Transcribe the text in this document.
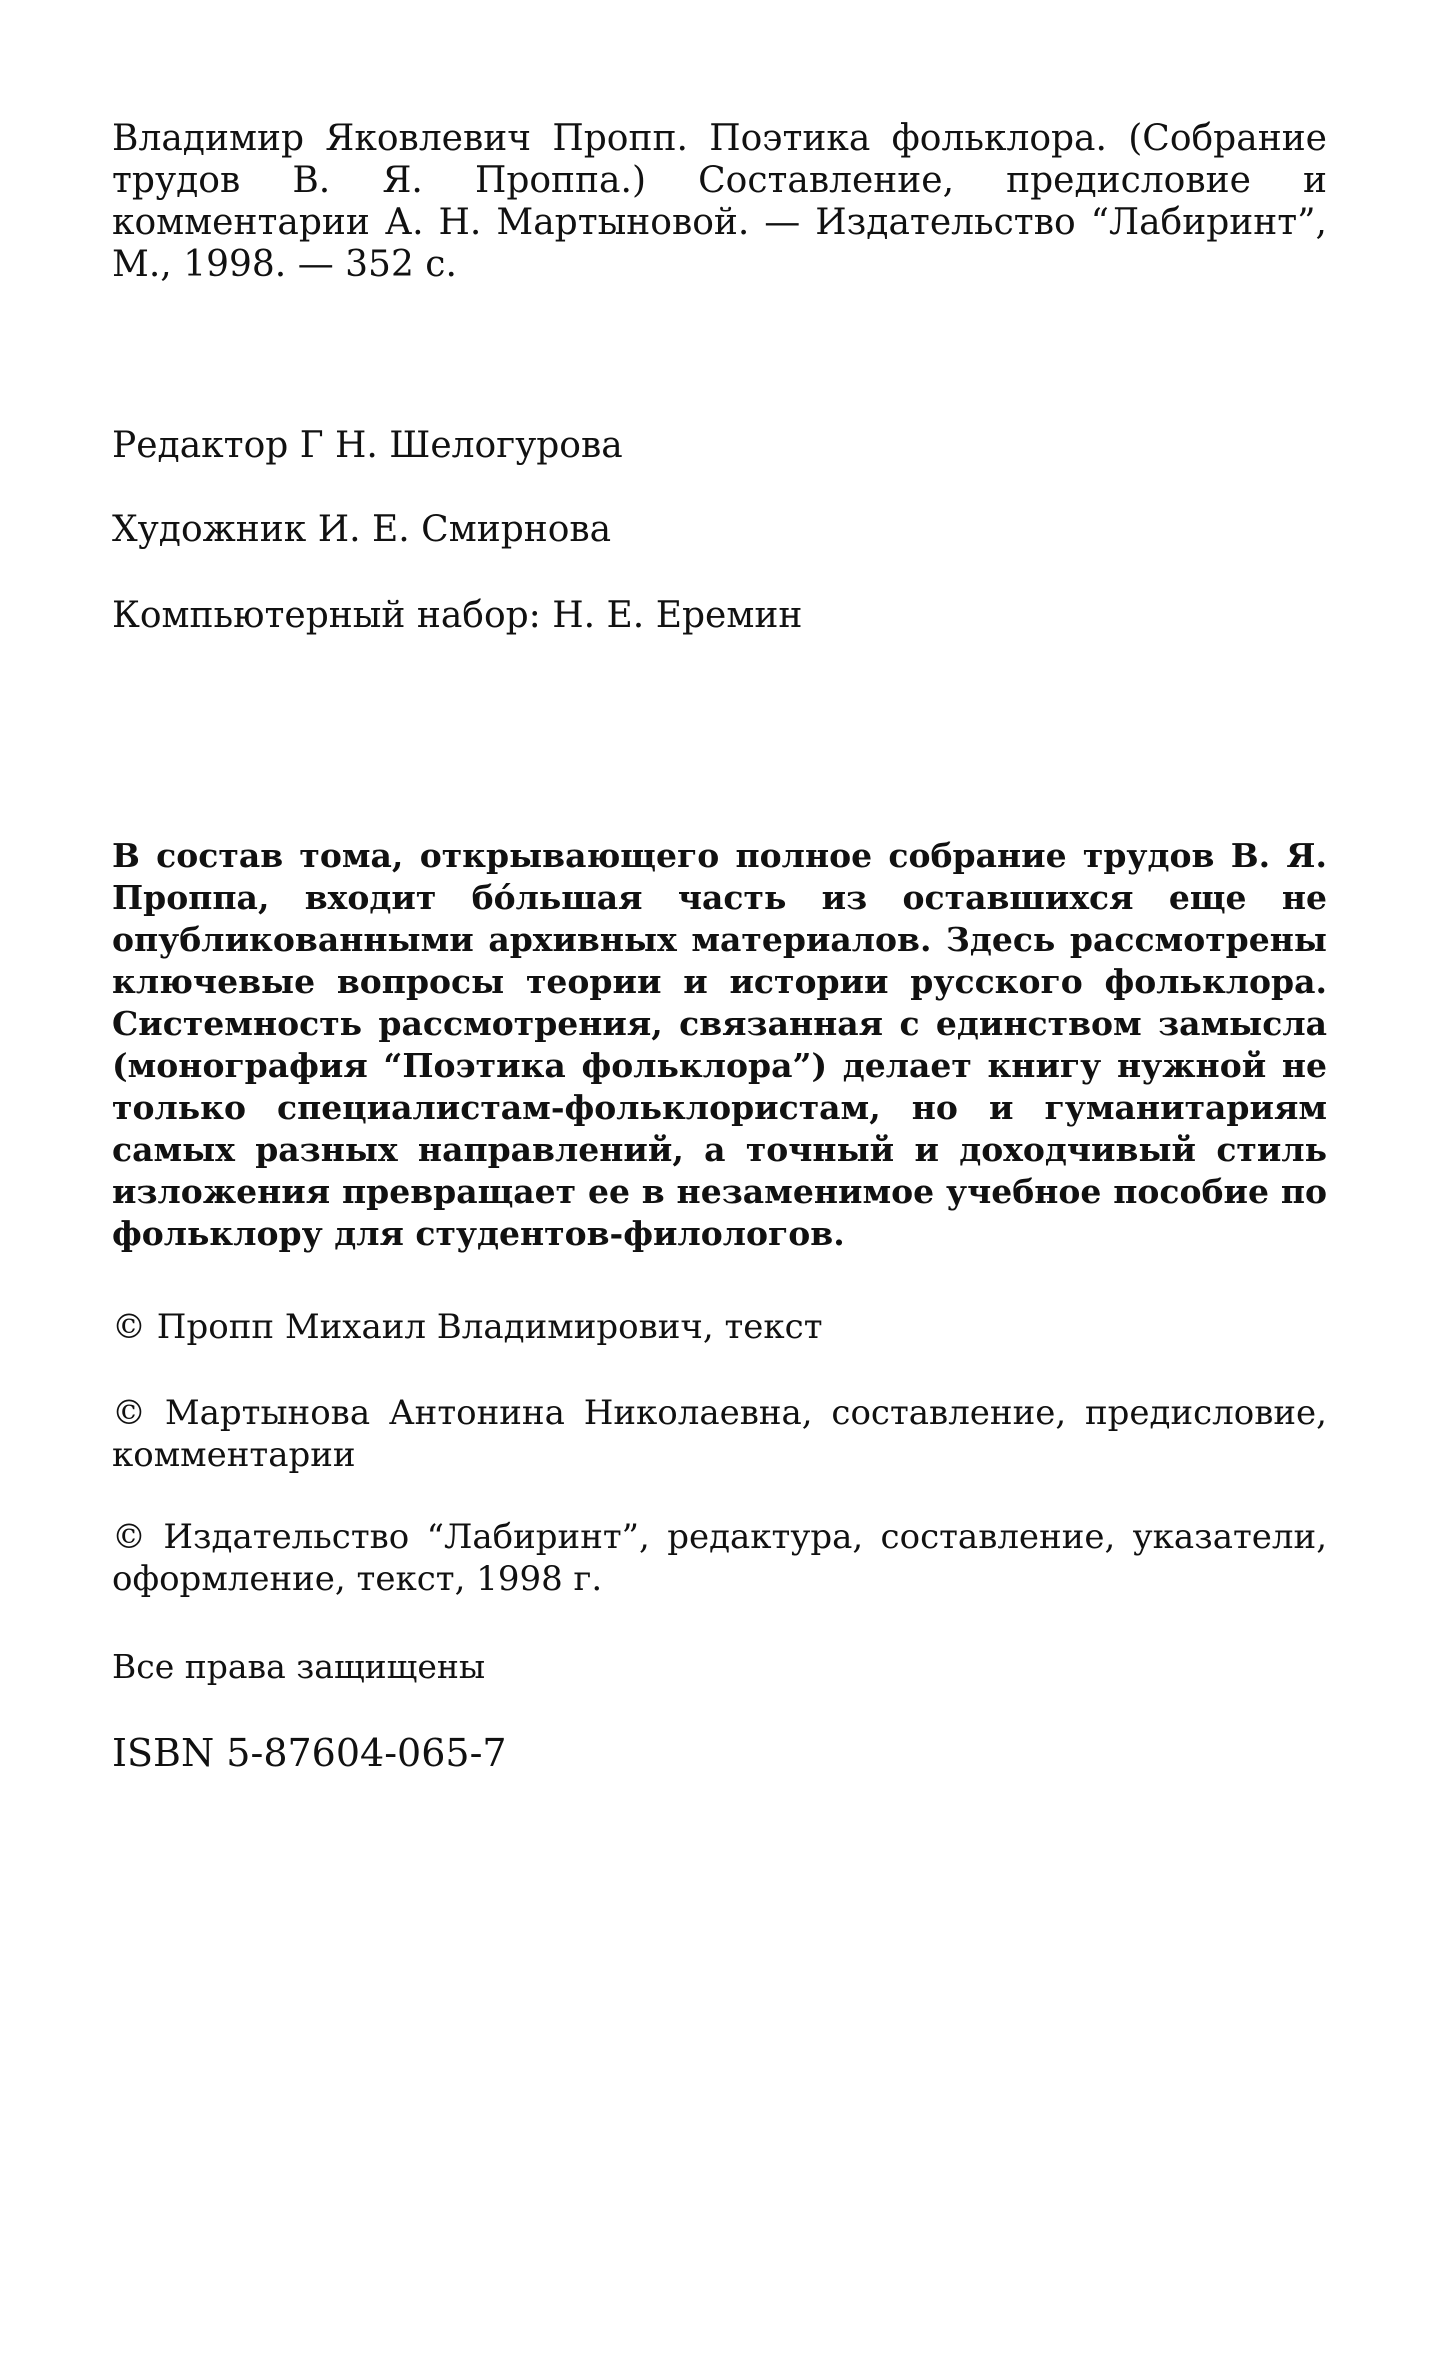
Владимир Яковлевич Пропп. Поэтика фольклора. (Собрание трудов В. Я. Проппа.) Составление, предисловие и комментарии А. Н. Мартыновой. — Издательство “Лабиринт”, М., 1998. — 352 с.

Редактор Г Н. Шелогурова
Художник И. Е. Смирнова
Компьютерный набор: Н. Е. Еремин

В состав тома, открывающего полное собрание трудов В. Я. Проппа, входит бо́льшая часть из оставшихся еще не опубликованными архивных материалов. Здесь рассмотрены ключевые вопросы теории и истории русского фольклора. Системность рассмотрения, связанная с единством замысла (монография “Поэтика фольклора”) делает книгу нужной не только специалистам-фольклористам, но и гуманитариям самых разных направлений, а точный и доходчивый стиль изложения превращает ее в незаменимое учебное пособие по фольклору для студентов-филологов.

© Пропп Михаил Владимирович, текст
© Мартынова Антонина Николаевна, составление, предисловие, комментарии
© Издательство “Лабиринт”, редактура, составление, указатели, оформление, текст, 1998 г.
Все права защищены
ISBN 5-87604-065-7
